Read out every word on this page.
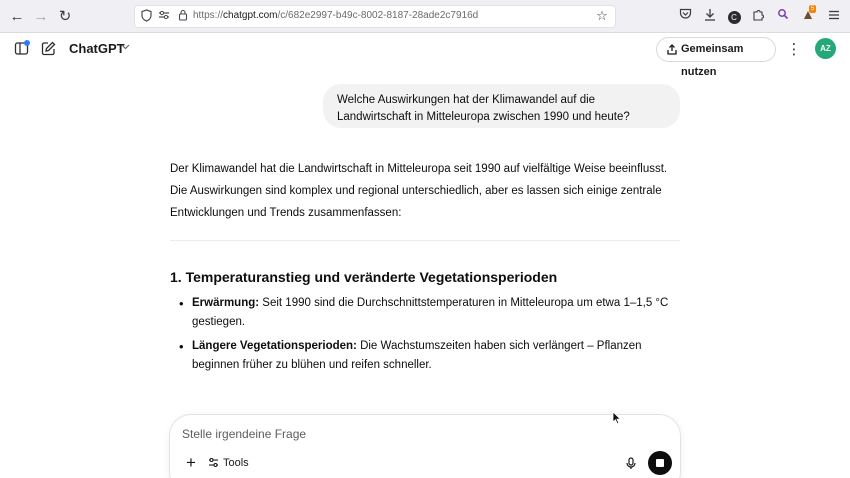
← → ↻	https://chatgpt.com/c/682e2997-b49c-8002-8187-28ade2c7916d	☆	C
5
ChatGPT	Gemeinsam nutzen
⋮	AZ
Welche Auswirkungen hat der Klimawandel auf die Landwirtschaft in Mitteleuropa zwischen 1990 und heute?

Der Klimawandel hat die Landwirtschaft in Mitteleuropa seit 1990 auf vielfältige Weise beeinflusst. Die Auswirkungen sind komplex und regional unterschiedlich, aber es lassen sich einige zentrale Entwicklungen und Trends zusammenfassen:

1. Temperaturanstieg und veränderte Vegetationsperioden
• Erwärmung: Seit 1990 sind die Durchschnittstemperaturen in Mitteleuropa um etwa 1–1,5 °C gestiegen.
• Längere Vegetationsperioden: Die Wachstumszeiten haben sich verlängert – Pflanzen beginnen früher zu blühen und reifen schneller.
Stelle irgendeine Frage
+	Tools
